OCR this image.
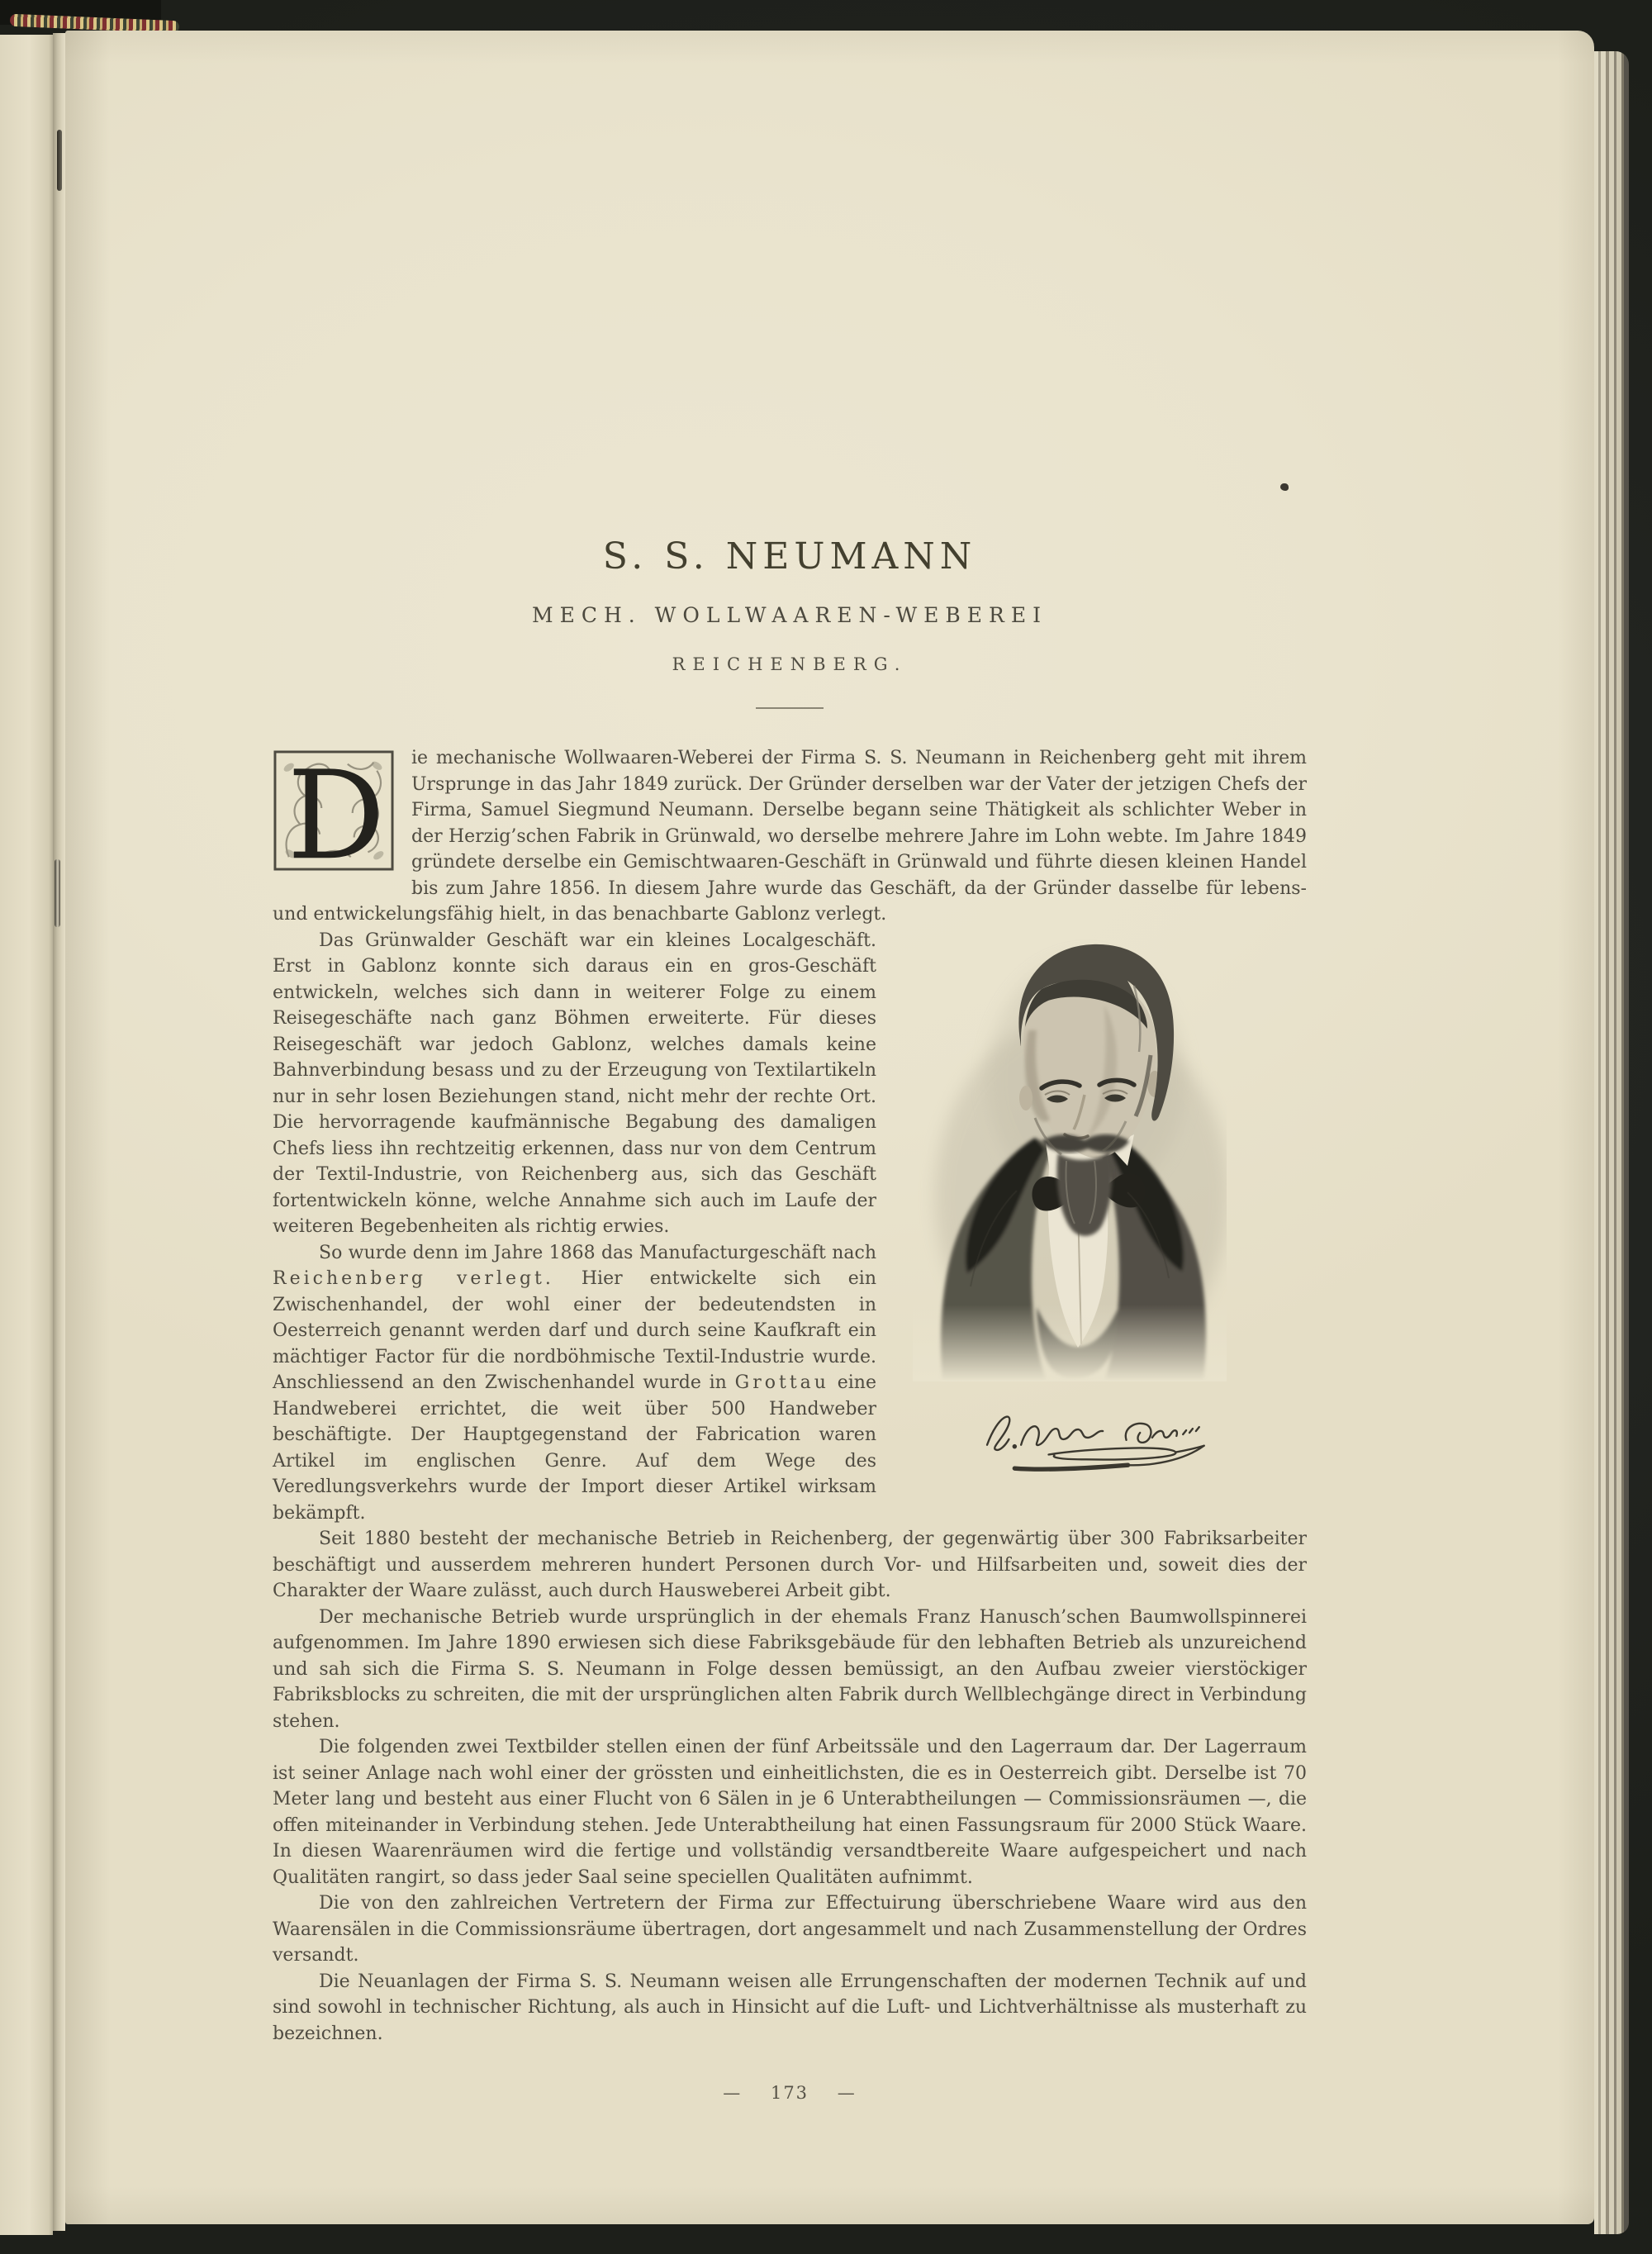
S. S. NEUMANN
MECH. WOLLWAAREN-WEBEREI
REICHENBERG.

D ie mechanische Wollwaaren-Weberei der Firma S. S. Neumann in Reichenberg geht mit ihrem Ursprunge in das Jahr 1849 zurück. Der Gründer derselben war der Vater der jetzigen Chefs der Firma, Samuel Siegmund Neumann. Derselbe begann seine Thätigkeit als schlichter Weber in der Herzig’schen Fabrik in Grünwald, wo derselbe mehrere Jahre im Lohn webte. Im Jahre 1849 gründete derselbe ein Gemischtwaaren-Geschäft in Grünwald und führte diesen kleinen Handel bis zum Jahre 1856. In diesem Jahre wurde das Geschäft, da der Gründer dasselbe für lebens- und entwickelungsfähig hielt, in das benachbarte Gablonz verlegt.

Das Grünwalder Geschäft war ein kleines Localgeschäft. Erst in Gablonz konnte sich daraus ein en gros-Geschäft entwickeln, welches sich dann in weiterer Folge zu einem Reisegeschäfte nach ganz Böhmen erweiterte. Für dieses Reisegeschäft war jedoch Gablonz, welches damals keine Bahnverbindung besass und zu der Erzeugung von Textilartikeln nur in sehr losen Beziehungen stand, nicht mehr der rechte Ort. Die hervorragende kaufmännische Begabung des damaligen Chefs liess ihn rechtzeitig erkennen, dass nur von dem Centrum der Textil-Industrie, von Reichenberg aus, sich das Geschäft fortentwickeln könne, welche Annahme sich auch im Laufe der weiteren Begebenheiten als richtig erwies.

So wurde denn im Jahre 1868 das Manufacturgeschäft nach Reichenberg verlegt. Hier entwickelte sich ein Zwischenhandel, der wohl einer der bedeutendsten in Oesterreich genannt werden darf und durch seine Kaufkraft ein mächtiger Factor für die nordböhmische Textil-Industrie wurde. Anschliessend an den Zwischenhandel wurde in Grottau eine Handweberei errichtet, die weit über 500 Handweber beschäftigte. Der Hauptgegenstand der Fabrication waren Artikel im englischen Genre. Auf dem Wege des Veredlungsverkehrs wurde der Import dieser Artikel wirksam bekämpft.

Seit 1880 besteht der mechanische Betrieb in Reichenberg, der gegenwärtig über 300 Fabriksarbeiter beschäftigt und ausserdem mehreren hundert Personen durch Vor- und Hilfsarbeiten und, soweit dies der Charakter der Waare zulässt, auch durch Hausweberei Arbeit gibt.

Der mechanische Betrieb wurde ursprünglich in der ehemals Franz Hanusch’schen Baumwollspinnerei aufgenommen. Im Jahre 1890 erwiesen sich diese Fabriksgebäude für den lebhaften Betrieb als unzureichend und sah sich die Firma S. S. Neumann in Folge dessen bemüssigt, an den Aufbau zweier vierstöckiger Fabriksblocks zu schreiten, die mit der ursprünglichen alten Fabrik durch Wellblechgänge direct in Verbindung stehen.

Die folgenden zwei Textbilder stellen einen der fünf Arbeitssäle und den Lagerraum dar. Der Lagerraum ist seiner Anlage nach wohl einer der grössten und einheitlichsten, die es in Oesterreich gibt. Derselbe ist 70 Meter lang und besteht aus einer Flucht von 6 Sälen in je 6 Unterabtheilungen — Commissionsräumen —, die offen miteinander in Verbindung stehen. Jede Unterabtheilung hat einen Fassungsraum für 2000 Stück Waare. In diesen Waarenräumen wird die fertige und vollständig versandtbereite Waare aufgespeichert und nach Qualitäten rangirt, so dass jeder Saal seine speciellen Qualitäten aufnimmt.

Die von den zahlreichen Vertretern der Firma zur Effectuirung überschriebene Waare wird aus den Waarensälen in die Commissionsräume übertragen, dort angesammelt und nach Zusammenstellung der Ordres versandt.

Die Neuanlagen der Firma S. S. Neumann weisen alle Errungenschaften der modernen Technik auf und sind sowohl in technischer Richtung, als auch in Hinsicht auf die Luft- und Lichtverhältnisse als musterhaft zu bezeichnen.

— 173 —
